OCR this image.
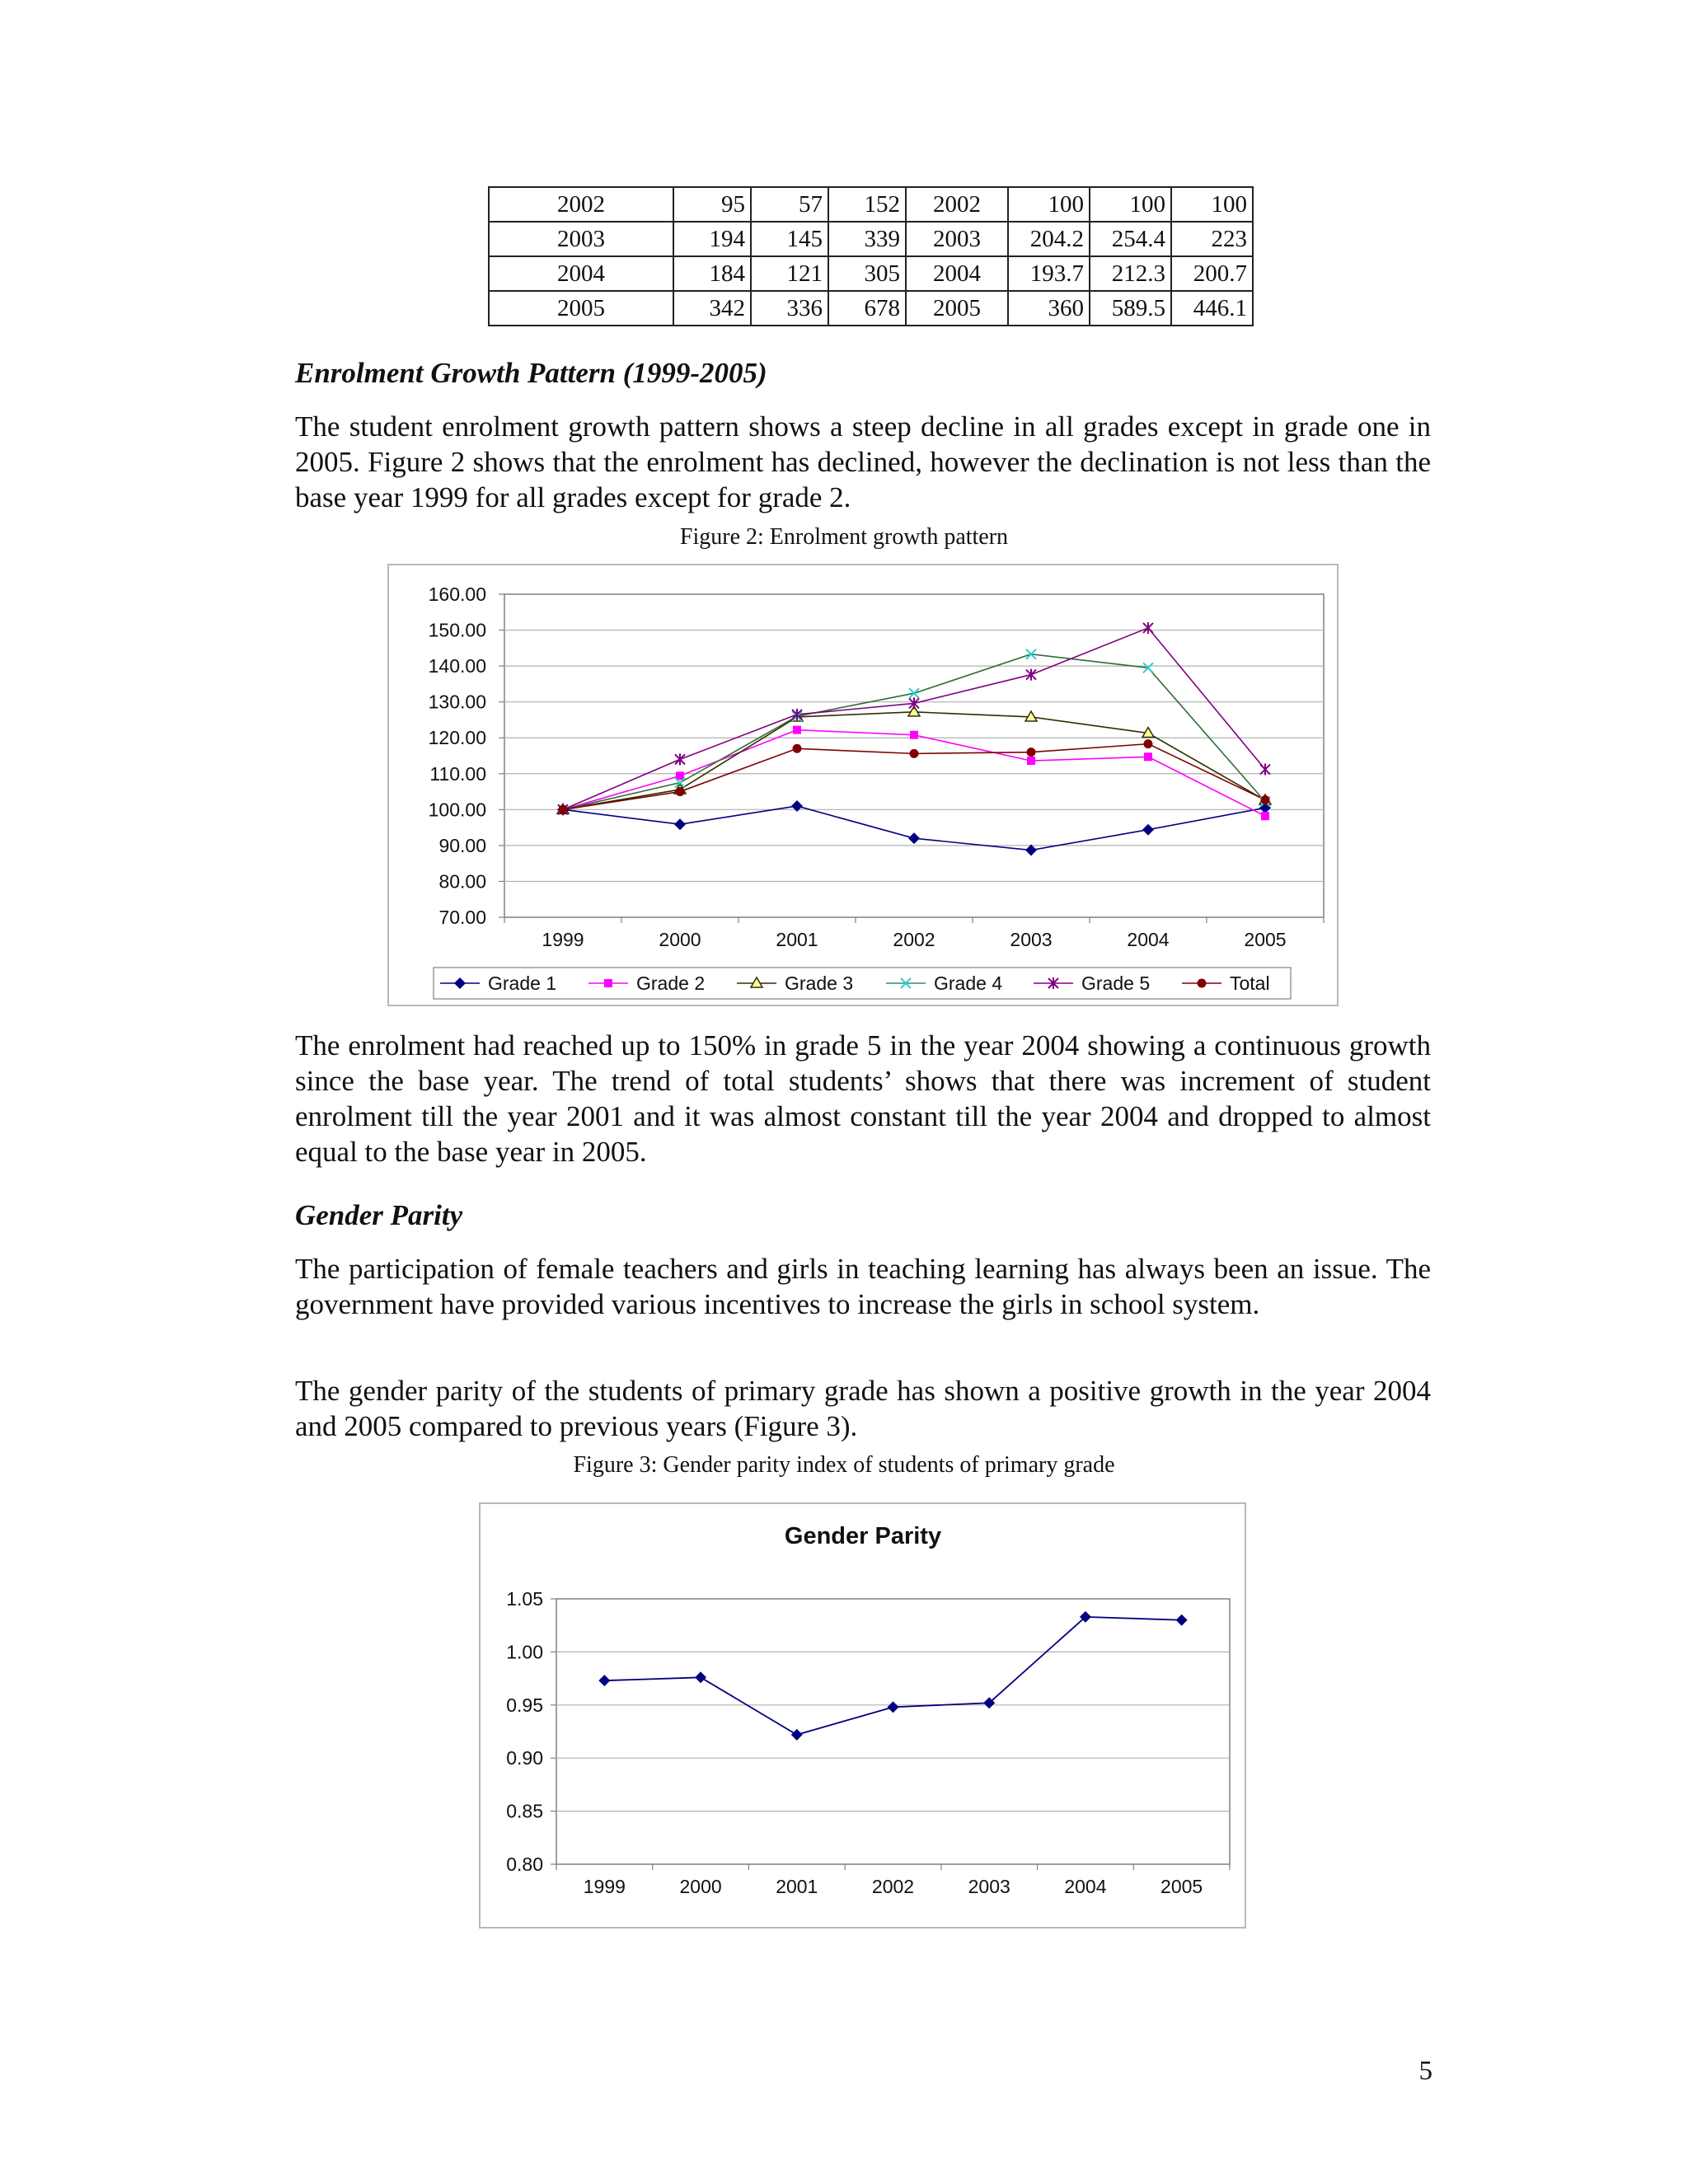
2002	95	57	152	2002	100	100	100
2003	194	145	339	2003	204.2	254.4	223
2004	184	121	305	2004	193.7	212.3	200.7
2005	342	336	678	2005	360	589.5	446.1
Enrolment Growth Pattern (1999-2005)
The student enrolment growth pattern shows a steep decline in all grades except in grade one in 2005. Figure 2 shows that the enrolment has declined, however the declination is not less than the base year 1999 for all grades except for grade 2.
Figure 2: Enrolment growth pattern
160.00
150.00
140.00
130.00
120.00
110.00
100.00
90.00
80.00
70.00
1999	2000	2001	2002	2003	2004	2005
Grade 1	Grade 2	Grade 3	Grade 4	Grade 5	Total
The enrolment had reached up to 150% in grade 5 in the year 2004 showing a continuous growth since the base year. The trend of total students’ shows that there was increment of student enrolment till the year 2001 and it was almost constant till the year 2004 and dropped to almost equal to the base year in 2005.
Gender Parity
The participation of female teachers and girls in teaching learning has always been an issue. The government have provided various incentives to increase the girls in school system.
The gender parity of the students of primary grade has shown a positive growth in the year 2004 and 2005 compared to previous years (Figure 3).
Figure 3: Gender parity index of students of primary grade
Gender Parity
1.05
1.00
0.95
0.90
0.85
0.80
1999	2000	2001	2002	2003	2004	2005
5
